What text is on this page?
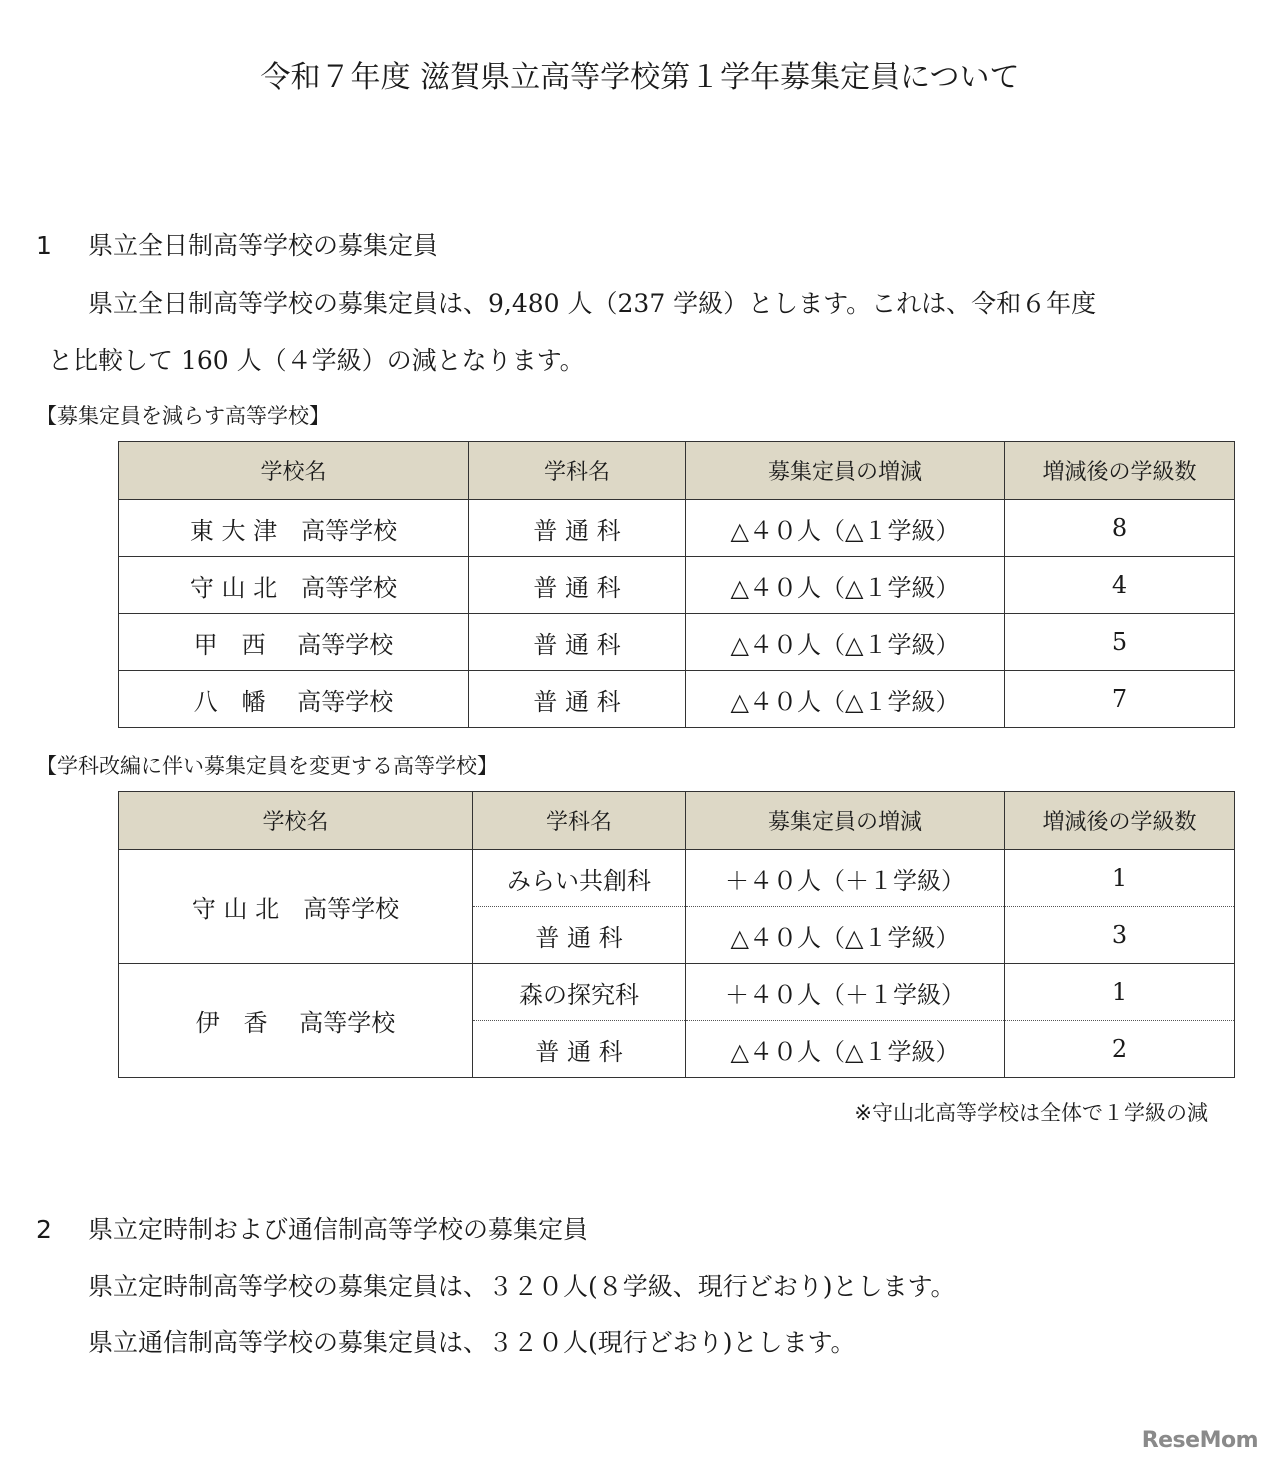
令和７年度 滋賀県立高等学校第１学年募集定員について
1 県立全日制高等学校の募集定員
県立全日制高等学校の募集定員は、9,480 人（237 学級）とします。これは、令和６年度
と比較して 160 人（４学級）の減となります。
【募集定員を減らす高等学校】
学校名	学科名	募集定員の増減	増減後の学級数
東 大 津　高等学校	普 通 科	△４０人（△１学級）	8
守 山 北　高等学校	普 通 科	△４０人（△１学級）	4
甲　西　 高等学校	普 通 科	△４０人（△１学級）	5
八　幡　 高等学校	普 通 科	△４０人（△１学級）	7
【学科改編に伴い募集定員を変更する高等学校】
学校名	学科名	募集定員の増減	増減後の学級数
守 山 北　高等学校	みらい共創科	＋４０人（＋１学級）	1
	普 通 科	△４０人（△１学級）	3
伊　香　 高等学校	森の探究科	＋４０人（＋１学級）	1
	普 通 科	△４０人（△１学級）	2
※守山北高等学校は全体で１学級の減
2 県立定時制および通信制高等学校の募集定員
県立定時制高等学校の募集定員は、３２０人(８学級、現行どおり)とします。
県立通信制高等学校の募集定員は、３２０人(現行どおり)とします。
ReseMom
